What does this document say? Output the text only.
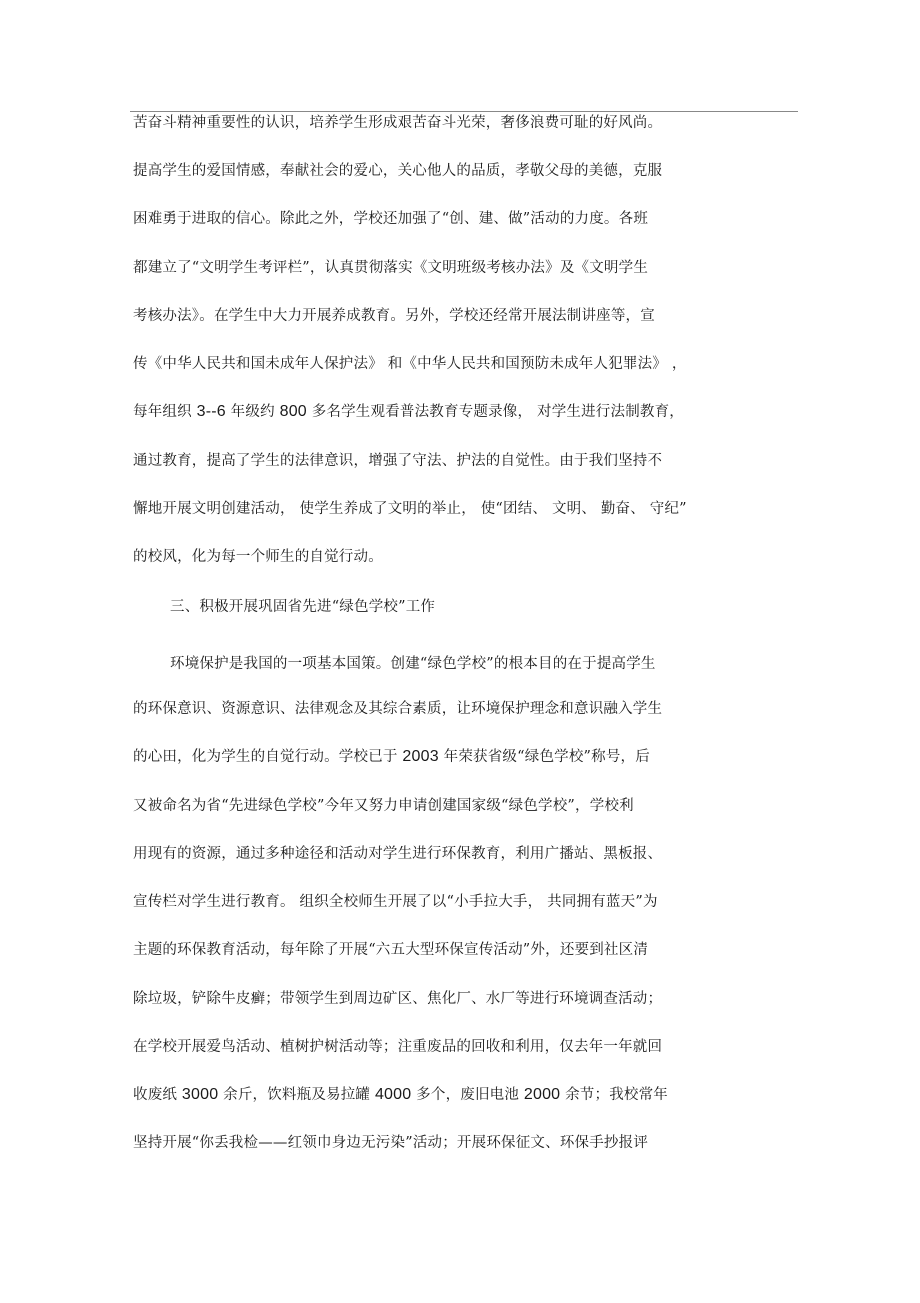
苦奋斗精神重要性的认识，培养学生形成艰苦奋斗光荣，奢侈浪费可耻的好风尚。

提高学生的爱国情感，奉献社会的爱心，关心他人的品质，孝敬父母的美德，克服

困难勇于进取的信心。除此之外，学校还加强了“创、建、做”活动的力度。各班

都建立了“文明学生考评栏”，认真贯彻落实《文明班级考核办法》及《文明学生

考核办法》。在学生中大力开展养成教育。另外，学校还经常开展法制讲座等，宣

传《中华人民共和国未成年人保护法》 和《中华人民共和国预防未成年人犯罪法》 ，

每年组织 3--6 年级约 800 多名学生观看普法教育专题录像， 对学生进行法制教育，

通过教育，提高了学生的法律意识，增强了守法、护法的自觉性。由于我们坚持不

懈地开展文明创建活动， 使学生养成了文明的举止， 使“团结、 文明、 勤奋、 守纪”

的校风，化为每一个师生的自觉行动。

三、积极开展巩固省先进“绿色学校”工作

环境保护是我国的一项基本国策。创建“绿色学校”的根本目的在于提高学生

的环保意识、资源意识、法律观念及其综合素质，让环境保护理念和意识融入学生

的心田，化为学生的自觉行动。学校已于 2003 年荣获省级“绿色学校”称号，后

又被命名为省“先进绿色学校”今年又努力申请创建国家级“绿色学校”，学校利

用现有的资源，通过多种途径和活动对学生进行环保教育，利用广播站、黑板报、

宣传栏对学生进行教育。 组织全校师生开展了以“小手拉大手， 共同拥有蓝天”为

主题的环保教育活动，每年除了开展“六五大型环保宣传活动”外，还要到社区清

除垃圾，铲除牛皮癣；带领学生到周边矿区、焦化厂、水厂等进行环境调查活动；

在学校开展爱鸟活动、植树护树活动等；注重废品的回收和利用，仅去年一年就回

收废纸 3000 余斤，饮料瓶及易拉罐 4000 多个，废旧电池 2000 余节；我校常年

坚持开展“你丢我检——红领巾身边无污染”活动；开展环保征文、环保手抄报评
